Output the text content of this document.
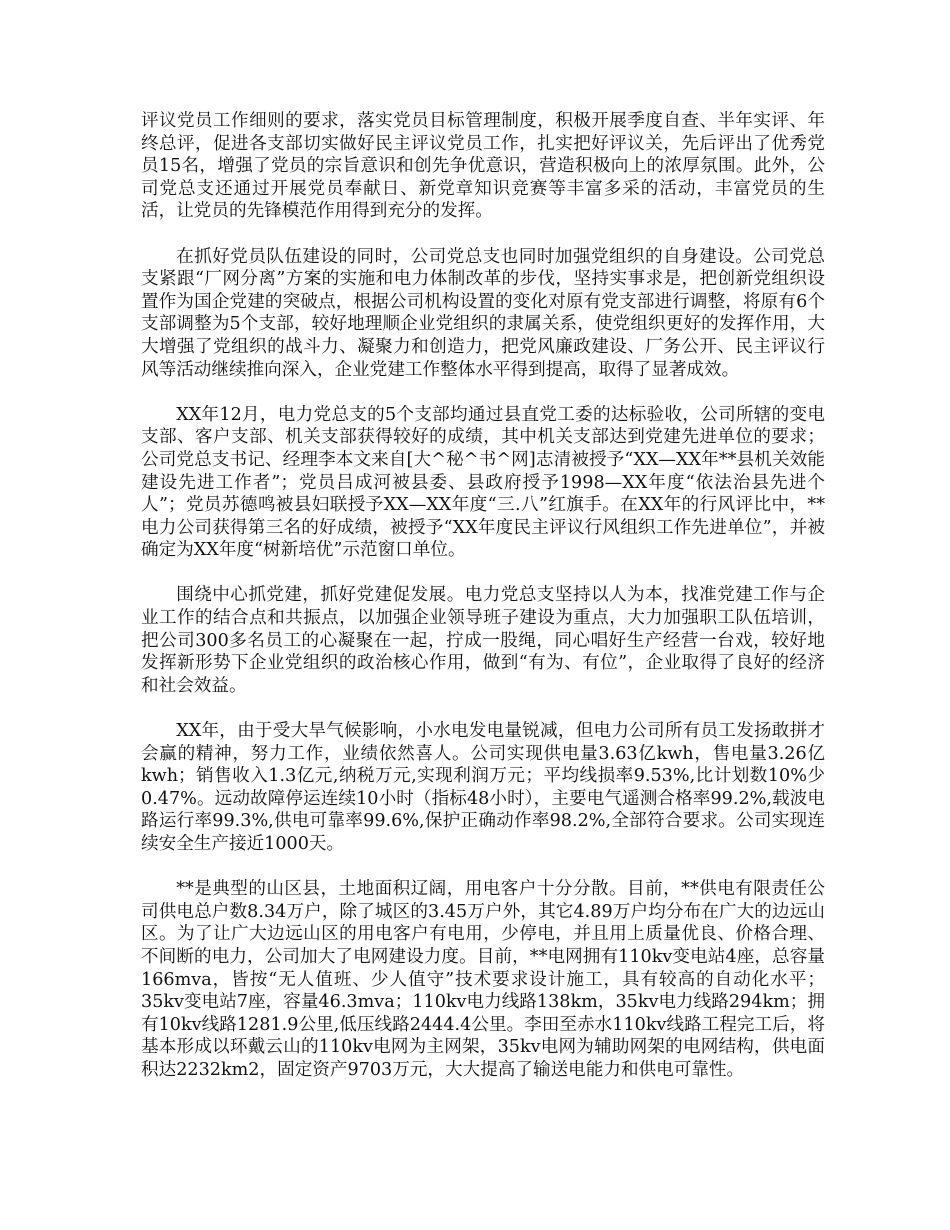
评议党员工作细则的要求，落实党员目标管理制度，积极开展季度自查、半年实评、年终总评，促进各支部切实做好民主评议党员工作，扎实把好评议关，先后评出了优秀党员15名，增强了党员的宗旨意识和创先争优意识，营造积极向上的浓厚氛围。此外，公司党总支还通过开展党员奉献日、新党章知识竞赛等丰富多采的活动，丰富党员的生活，让党员的先锋模范作用得到充分的发挥。

在抓好党员队伍建设的同时，公司党总支也同时加强党组织的自身建设。公司党总支紧跟“厂网分离”方案的实施和电力体制改革的步伐，坚持实事求是，把创新党组织设置作为国企党建的突破点，根据公司机构设置的变化对原有党支部进行调整，将原有6个支部调整为5个支部，较好地理顺企业党组织的隶属关系，使党组织更好的发挥作用，大大增强了党组织的战斗力、凝聚力和创造力，把党风廉政建设、厂务公开、民主评议行风等活动继续推向深入，企业党建工作整体水平得到提高，取得了显著成效。

XX年12月，电力党总支的5个支部均通过县直党工委的达标验收，公司所辖的变电支部、客户支部、机关支部获得较好的成绩，其中机关支部达到党建先进单位的要求；公司党总支书记、经理李本文来自[大^秘^书^网]志清被授予“XX—XX年**县机关效能建设先进工作者”；党员吕成河被县委、县政府授予1998—XX年度“依法治县先进个人”；党员苏德鸣被县妇联授予XX—XX年度“三.八”红旗手。在XX年的行风评比中，**电力公司获得第三名的好成绩，被授予“XX年度民主评议行风组织工作先进单位”，并被确定为XX年度“树新培优”示范窗口单位。

围绕中心抓党建，抓好党建促发展。电力党总支坚持以人为本，找准党建工作与企业工作的结合点和共振点，以加强企业领导班子建设为重点，大力加强职工队伍培训，把公司300多名员工的心凝聚在一起，拧成一股绳，同心唱好生产经营一台戏，较好地发挥新形势下企业党组织的政治核心作用，做到“有为、有位”，企业取得了良好的经济和社会效益。

XX年，由于受大旱气候影响，小水电发电量锐减，但电力公司所有员工发扬敢拼才会赢的精神，努力工作，业绩依然喜人。公司实现供电量3.63亿kwh，售电量3.26亿kwh；销售收入1.3亿元,纳税万元,实现利润万元；平均线损率9.53%,比计划数10%少0.47%。远动故障停运连续10小时（指标48小时），主要电气遥测合格率99.2%,载波电路运行率99.3%,供电可靠率99.6%,保护正确动作率98.2%,全部符合要求。公司实现连续安全生产接近1000天。

**是典型的山区县，土地面积辽阔，用电客户十分分散。目前，**供电有限责任公司供电总户数8.34万户，除了城区的3.45万户外，其它4.89万户均分布在广大的边远山区。为了让广大边远山区的用电客户有电用，少停电，并且用上质量优良、价格合理、不间断的电力，公司加大了电网建设力度。目前，**电网拥有110kv变电站4座，总容量166mva，皆按“无人值班、少人值守”技术要求设计施工，具有较高的自动化水平；35kv变电站7座，容量46.3mva；110kv电力线路138km，35kv电力线路294km；拥有10kv线路1281.9公里,低压线路2444.4公里。李田至赤水110kv线路工程完工后，将基本形成以环戴云山的110kv电网为主网架，35kv电网为辅助网架的电网结构，供电面积达2232km2，固定资产9703万元，大大提高了输送电能力和供电可靠性。
